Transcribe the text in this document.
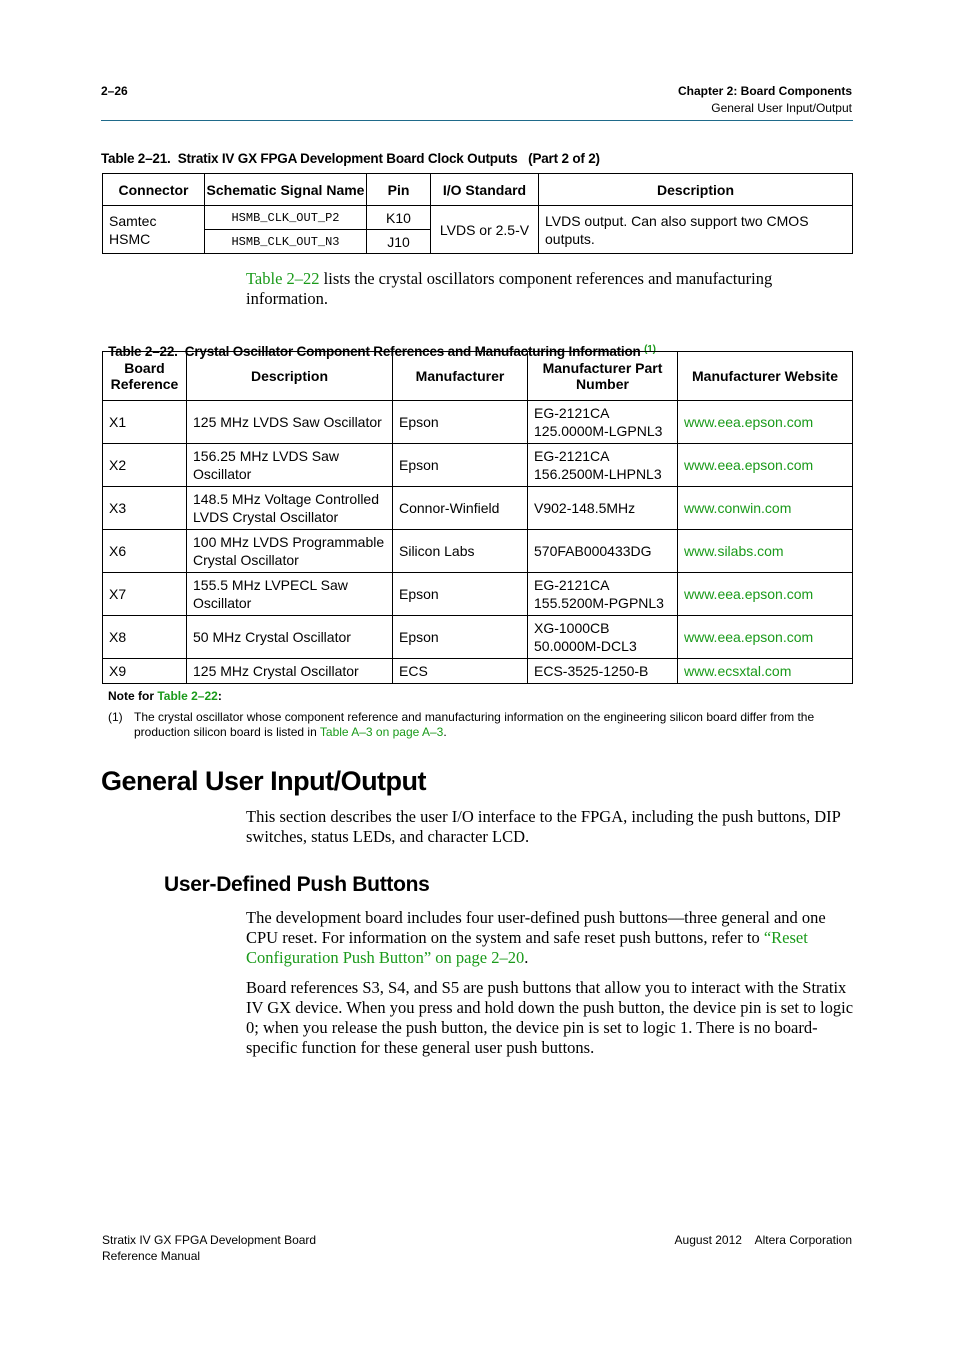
2–26	Chapter 2: Board Components
General User Input/Output
Table 2–21.  Stratix IV GX FPGA Development Board Clock Outputs   (Part 2 of 2)
Connector	Schematic Signal Name	Pin	I/O Standard	Description
Samtec HSMC	HSMB_CLK_OUT_P2	K10	LVDS or 2.5-V	LVDS output. Can also support two CMOS outputs.
	HSMB_CLK_OUT_N3	J10		
Table 2–22 lists the crystal oscillators component references and manufacturing information.

Table 2–22.  Crystal Oscillator Component References and Manufacturing Information $^{(1)}$

Board Reference	Description	Manufacturer	Manufacturer Part Number	Manufacturer Website
X1	125 MHz LVDS Saw Oscillator	Epson	EG-2121CA 125.0000M-LGPNL3	www.eea.epson.com
X2	156.25 MHz LVDS Saw Oscillator	Epson	EG-2121CA 156.2500M-LHPNL3	www.eea.epson.com
X3	148.5 MHz Voltage Controlled LVDS Crystal Oscillator	Connor-Winfield	V902-148.5MHz	www.conwin.com
X6	100 MHz LVDS Programmable Crystal Oscillator	Silicon Labs	570FAB000433DG	www.silabs.com
X7	155.5 MHz LVPECL Saw Oscillator	Epson	EG-2121CA 155.5200M-PGPNL3	www.eea.epson.com
X8	50 MHz Crystal Oscillator	Epson	XG-1000CB 50.0000M-DCL3	www.eea.epson.com
X9	125 MHz Crystal Oscillator	ECS	ECS-3525-1250-B	www.ecsxtal.com
Note for Table 2–22:
(1) The crystal oscillator whose component reference and manufacturing information on the engineering silicon board differ from the production silicon board is listed in Table A–3 on page A–3.
General User Input/Output
This section describes the user I/O interface to the FPGA, including the push buttons, DIP switches, status LEDs, and character LCD.
User-Defined Push Buttons
The development board includes four user-defined push buttons—three general and one CPU reset. For information on the system and safe reset push buttons, refer to “Reset Configuration Push Button” on page 2–20.
Board references S3, S4, and S5 are push buttons that allow you to interact with the Stratix IV GX device. When you press and hold down the push button, the device pin is set to logic 0; when you release the push button, the device pin is set to logic 1. There is no board-specific function for these general user push buttons.
Stratix IV GX FPGA Development Board
Reference Manual
August 2012    Altera Corporation
